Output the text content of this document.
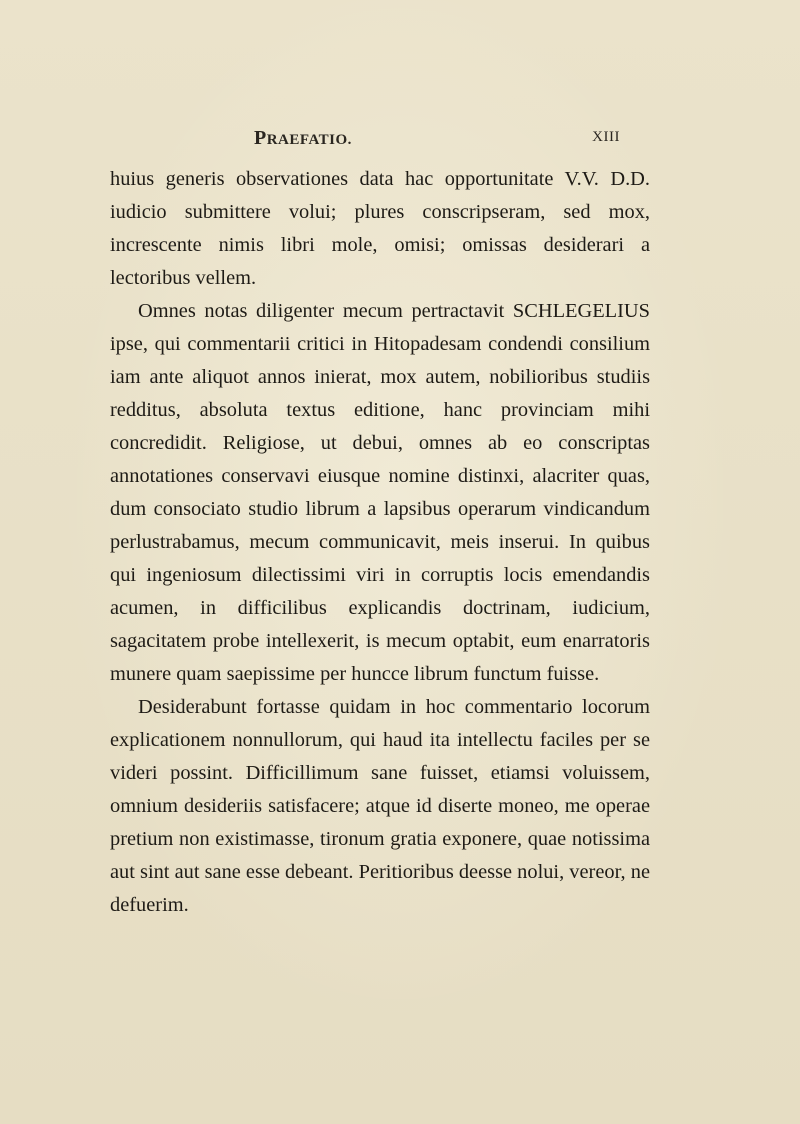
PRAEFATIO.	XIII

huius generis observationes data hac opportunitate V.V. D.D. iudicio submittere volui; plures conscripseram, sed mox, increscente nimis libri mole, omisi; omissas desiderari a lectoribus vellem.

Omnes notas diligenter mecum pertractavit SCHLEGELIUS ipse, qui commentarii critici in Hitopadesam condendi consilium iam ante aliquot annos inierat, mox autem, nobilioribus studiis redditus, absoluta textus editione, hanc provinciam mihi concredidit. Religiose, ut debui, omnes ab eo conscriptas annotationes conservavi eiusque nomine distinxi, alacriter quas, dum consociato studio librum a lapsibus operarum vindicandum perlustrabamus, mecum communicavit, meis inserui. In quibus qui ingeniosum dilectissimi viri in corruptis locis emendandis acumen, in difficilibus explicandis doctrinam, iudicium, sagacitatem probe intellexerit, is mecum optabit, eum enarratoris munere quam saepissime per huncce librum functum fuisse.

Desiderabunt fortasse quidam in hoc commentario locorum explicationem nonnullorum, qui haud ita intellectu faciles per se videri possint. Difficillimum sane fuisset, etiamsi voluissem, omnium desideriis satisfacere; atque id diserte moneo, me operae pretium non existimasse, tironum gratia exponere, quae notissima aut sint aut sane esse debeant. Peritioribus deesse nolui, vereor, ne defuerim.
